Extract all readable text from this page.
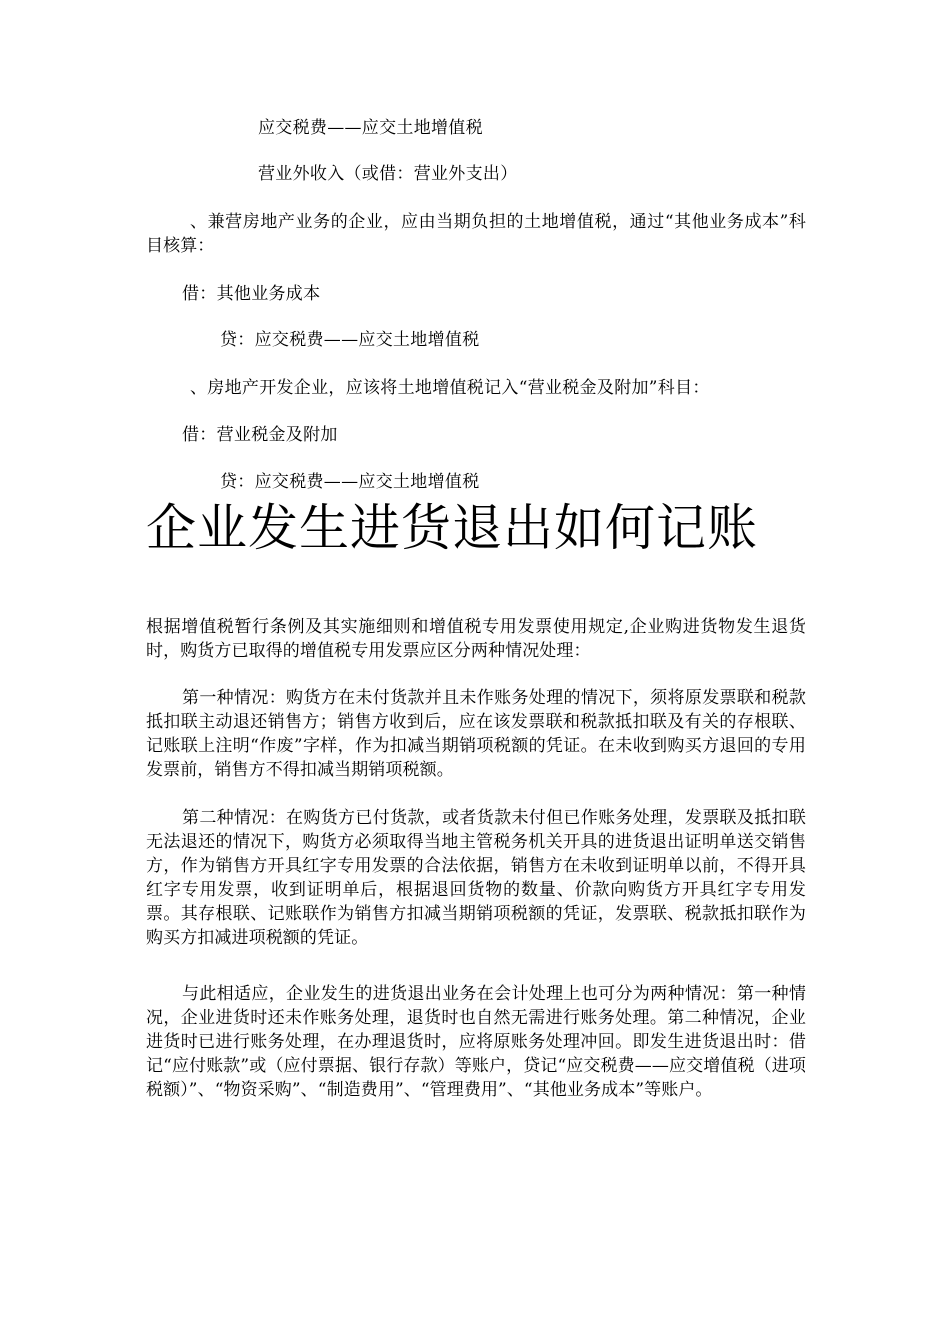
应交税费——应交土地增值税
营业外收入（或借：营业外支出）
、兼营房地产业务的企业，应由当期负担的土地增值税，通过“其他业务成本”科目核算：
借：其他业务成本
贷：应交税费——应交土地增值税
、房地产开发企业，应该将土地增值税记入“营业税金及附加”科目：
借：营业税金及附加
贷：应交税费——应交土地增值税
企业发生进货退出如何记账
根据增值税暂行条例及其实施细则和增值税专用发票使用规定,企业购进货物发生退货时，购货方已取得的增值税专用发票应区分两种情况处理：
第一种情况：购货方在未付货款并且未作账务处理的情况下，须将原发票联和税款抵扣联主动退还销售方；销售方收到后，应在该发票联和税款抵扣联及有关的存根联、记账联上注明“作废”字样，作为扣减当期销项税额的凭证。在未收到购买方退回的专用发票前，销售方不得扣减当期销项税额。
第二种情况：在购货方已付货款，或者货款未付但已作账务处理，发票联及抵扣联无法退还的情况下，购货方必须取得当地主管税务机关开具的进货退出证明单送交销售方，作为销售方开具红字专用发票的合法依据，销售方在未收到证明单以前，不得开具红字专用发票，收到证明单后，根据退回货物的数量、价款向购货方开具红字专用发票。其存根联、记账联作为销售方扣减当期销项税额的凭证，发票联、税款抵扣联作为购买方扣减进项税额的凭证。
与此相适应，企业发生的进货退出业务在会计处理上也可分为两种情况：第一种情况，企业进货时还未作账务处理，退货时也自然无需进行账务处理。第二种情况，企业进货时已进行账务处理，在办理退货时，应将原账务处理冲回。即发生进货退出时：借记“应付账款”或（应付票据、银行存款）等账户，贷记“应交税费——应交增值税（进项税额）”、“物资采购”、“制造费用”、“管理费用”、“其他业务成本”等账户。
